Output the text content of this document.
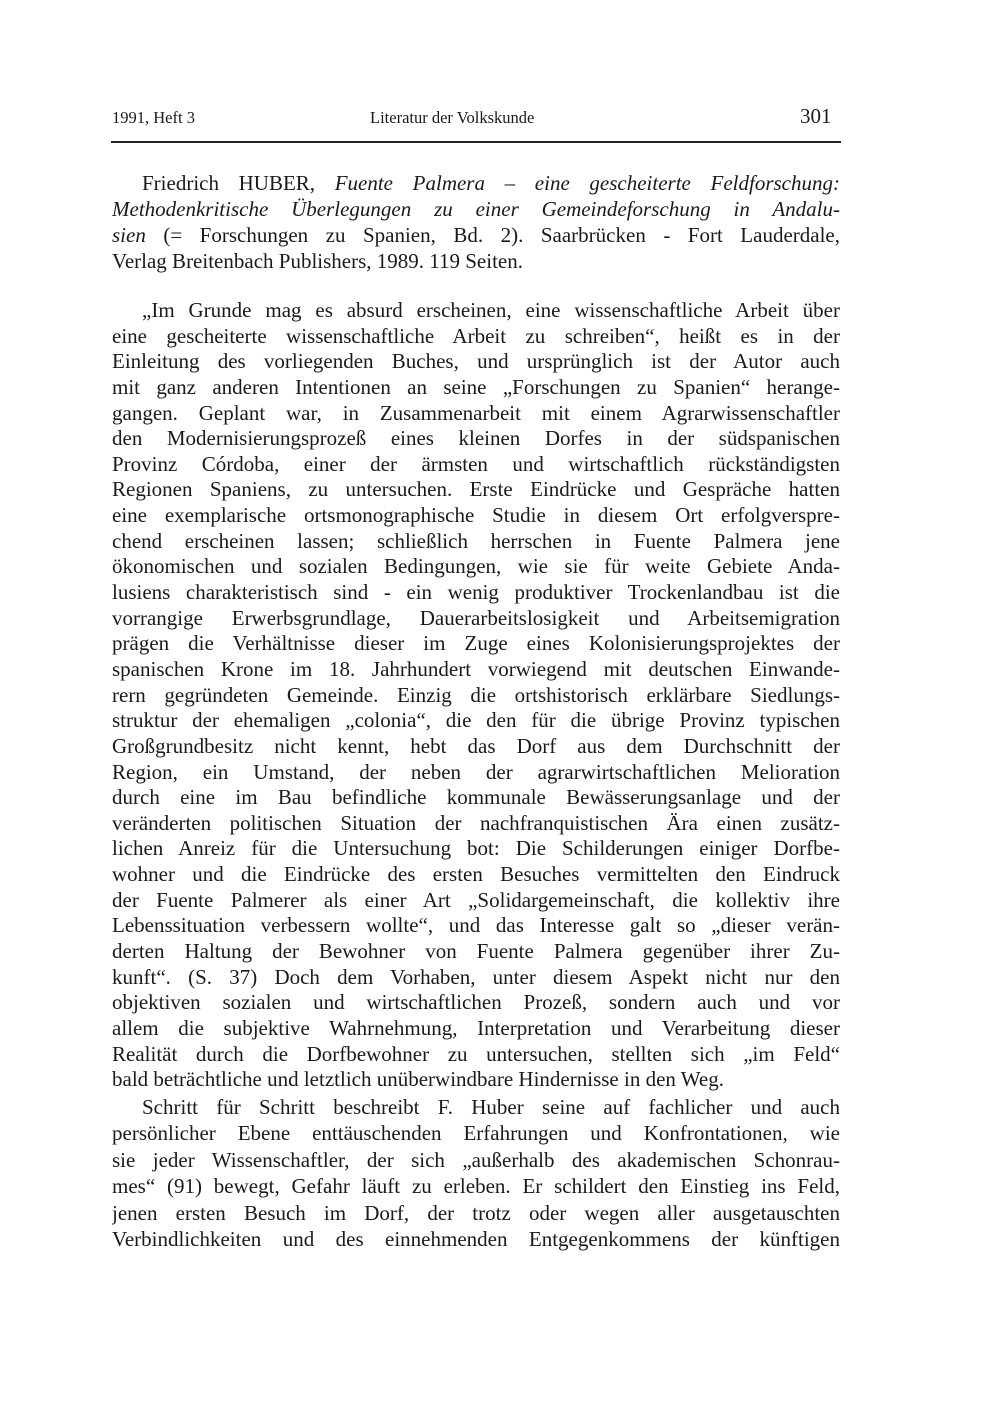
1991, Heft 3	Literatur der Volkskunde	301
Friedrich HUBER, Fuente Palmera – eine gescheiterte Feldforschung:
Methodenkritische Überlegungen zu einer Gemeindeforschung in Andalu-
sien (= Forschungen zu Spanien, Bd. 2). Saarbrücken - Fort Lauderdale,
Verlag Breitenbach Publishers, 1989. 119 Seiten.
„Im Grunde mag es absurd erscheinen, eine wissenschaftliche Arbeit über
eine gescheiterte wissenschaftliche Arbeit zu schreiben“, heißt es in der
Einleitung des vorliegenden Buches, und ursprünglich ist der Autor auch
mit ganz anderen Intentionen an seine „Forschungen zu Spanien“ herange-
gangen. Geplant war, in Zusammenarbeit mit einem Agrarwissenschaftler
den Modernisierungsprozeß eines kleinen Dorfes in der südspanischen
Provinz Córdoba, einer der ärmsten und wirtschaftlich rückständigsten
Regionen Spaniens, zu untersuchen. Erste Eindrücke und Gespräche hatten
eine exemplarische ortsmonographische Studie in diesem Ort erfolgverspre-
chend erscheinen lassen; schließlich herrschen in Fuente Palmera jene
ökonomischen und sozialen Bedingungen, wie sie für weite Gebiete Anda-
lusiens charakteristisch sind - ein wenig produktiver Trockenlandbau ist die
vorrangige Erwerbsgrundlage, Dauerarbeitslosigkeit und Arbeitsemigration
prägen die Verhältnisse dieser im Zuge eines Kolonisierungsprojektes der
spanischen Krone im 18. Jahrhundert vorwiegend mit deutschen Einwande-
rern gegründeten Gemeinde. Einzig die ortshistorisch erklärbare Siedlungs-
struktur der ehemaligen „colonia“, die den für die übrige Provinz typischen
Großgrundbesitz nicht kennt, hebt das Dorf aus dem Durchschnitt der
Region, ein Umstand, der neben der agrarwirtschaftlichen Melioration
durch eine im Bau befindliche kommunale Bewässerungsanlage und der
veränderten politischen Situation der nachfranquistischen Ära einen zusätz-
lichen Anreiz für die Untersuchung bot: Die Schilderungen einiger Dorfbe-
wohner und die Eindrücke des ersten Besuches vermittelten den Eindruck
der Fuente Palmerer als einer Art „Solidargemeinschaft, die kollektiv ihre
Lebenssituation verbessern wollte“, und das Interesse galt so „dieser verän-
derten Haltung der Bewohner von Fuente Palmera gegenüber ihrer Zu-
kunft“. (S. 37) Doch dem Vorhaben, unter diesem Aspekt nicht nur den
objektiven sozialen und wirtschaftlichen Prozeß, sondern auch und vor
allem die subjektive Wahrnehmung, Interpretation und Verarbeitung dieser
Realität durch die Dorfbewohner zu untersuchen, stellten sich „im Feld“
bald beträchtliche und letztlich unüberwindbare Hindernisse in den Weg.
Schritt für Schritt beschreibt F. Huber seine auf fachlicher und auch
persönlicher Ebene enttäuschenden Erfahrungen und Konfrontationen, wie
sie jeder Wissenschaftler, der sich „außerhalb des akademischen Schonrau-
mes“ (91) bewegt, Gefahr läuft zu erleben. Er schildert den Einstieg ins Feld,
jenen ersten Besuch im Dorf, der trotz oder wegen aller ausgetauschten
Verbindlichkeiten und des einnehmenden Entgegenkommens der künftigen
